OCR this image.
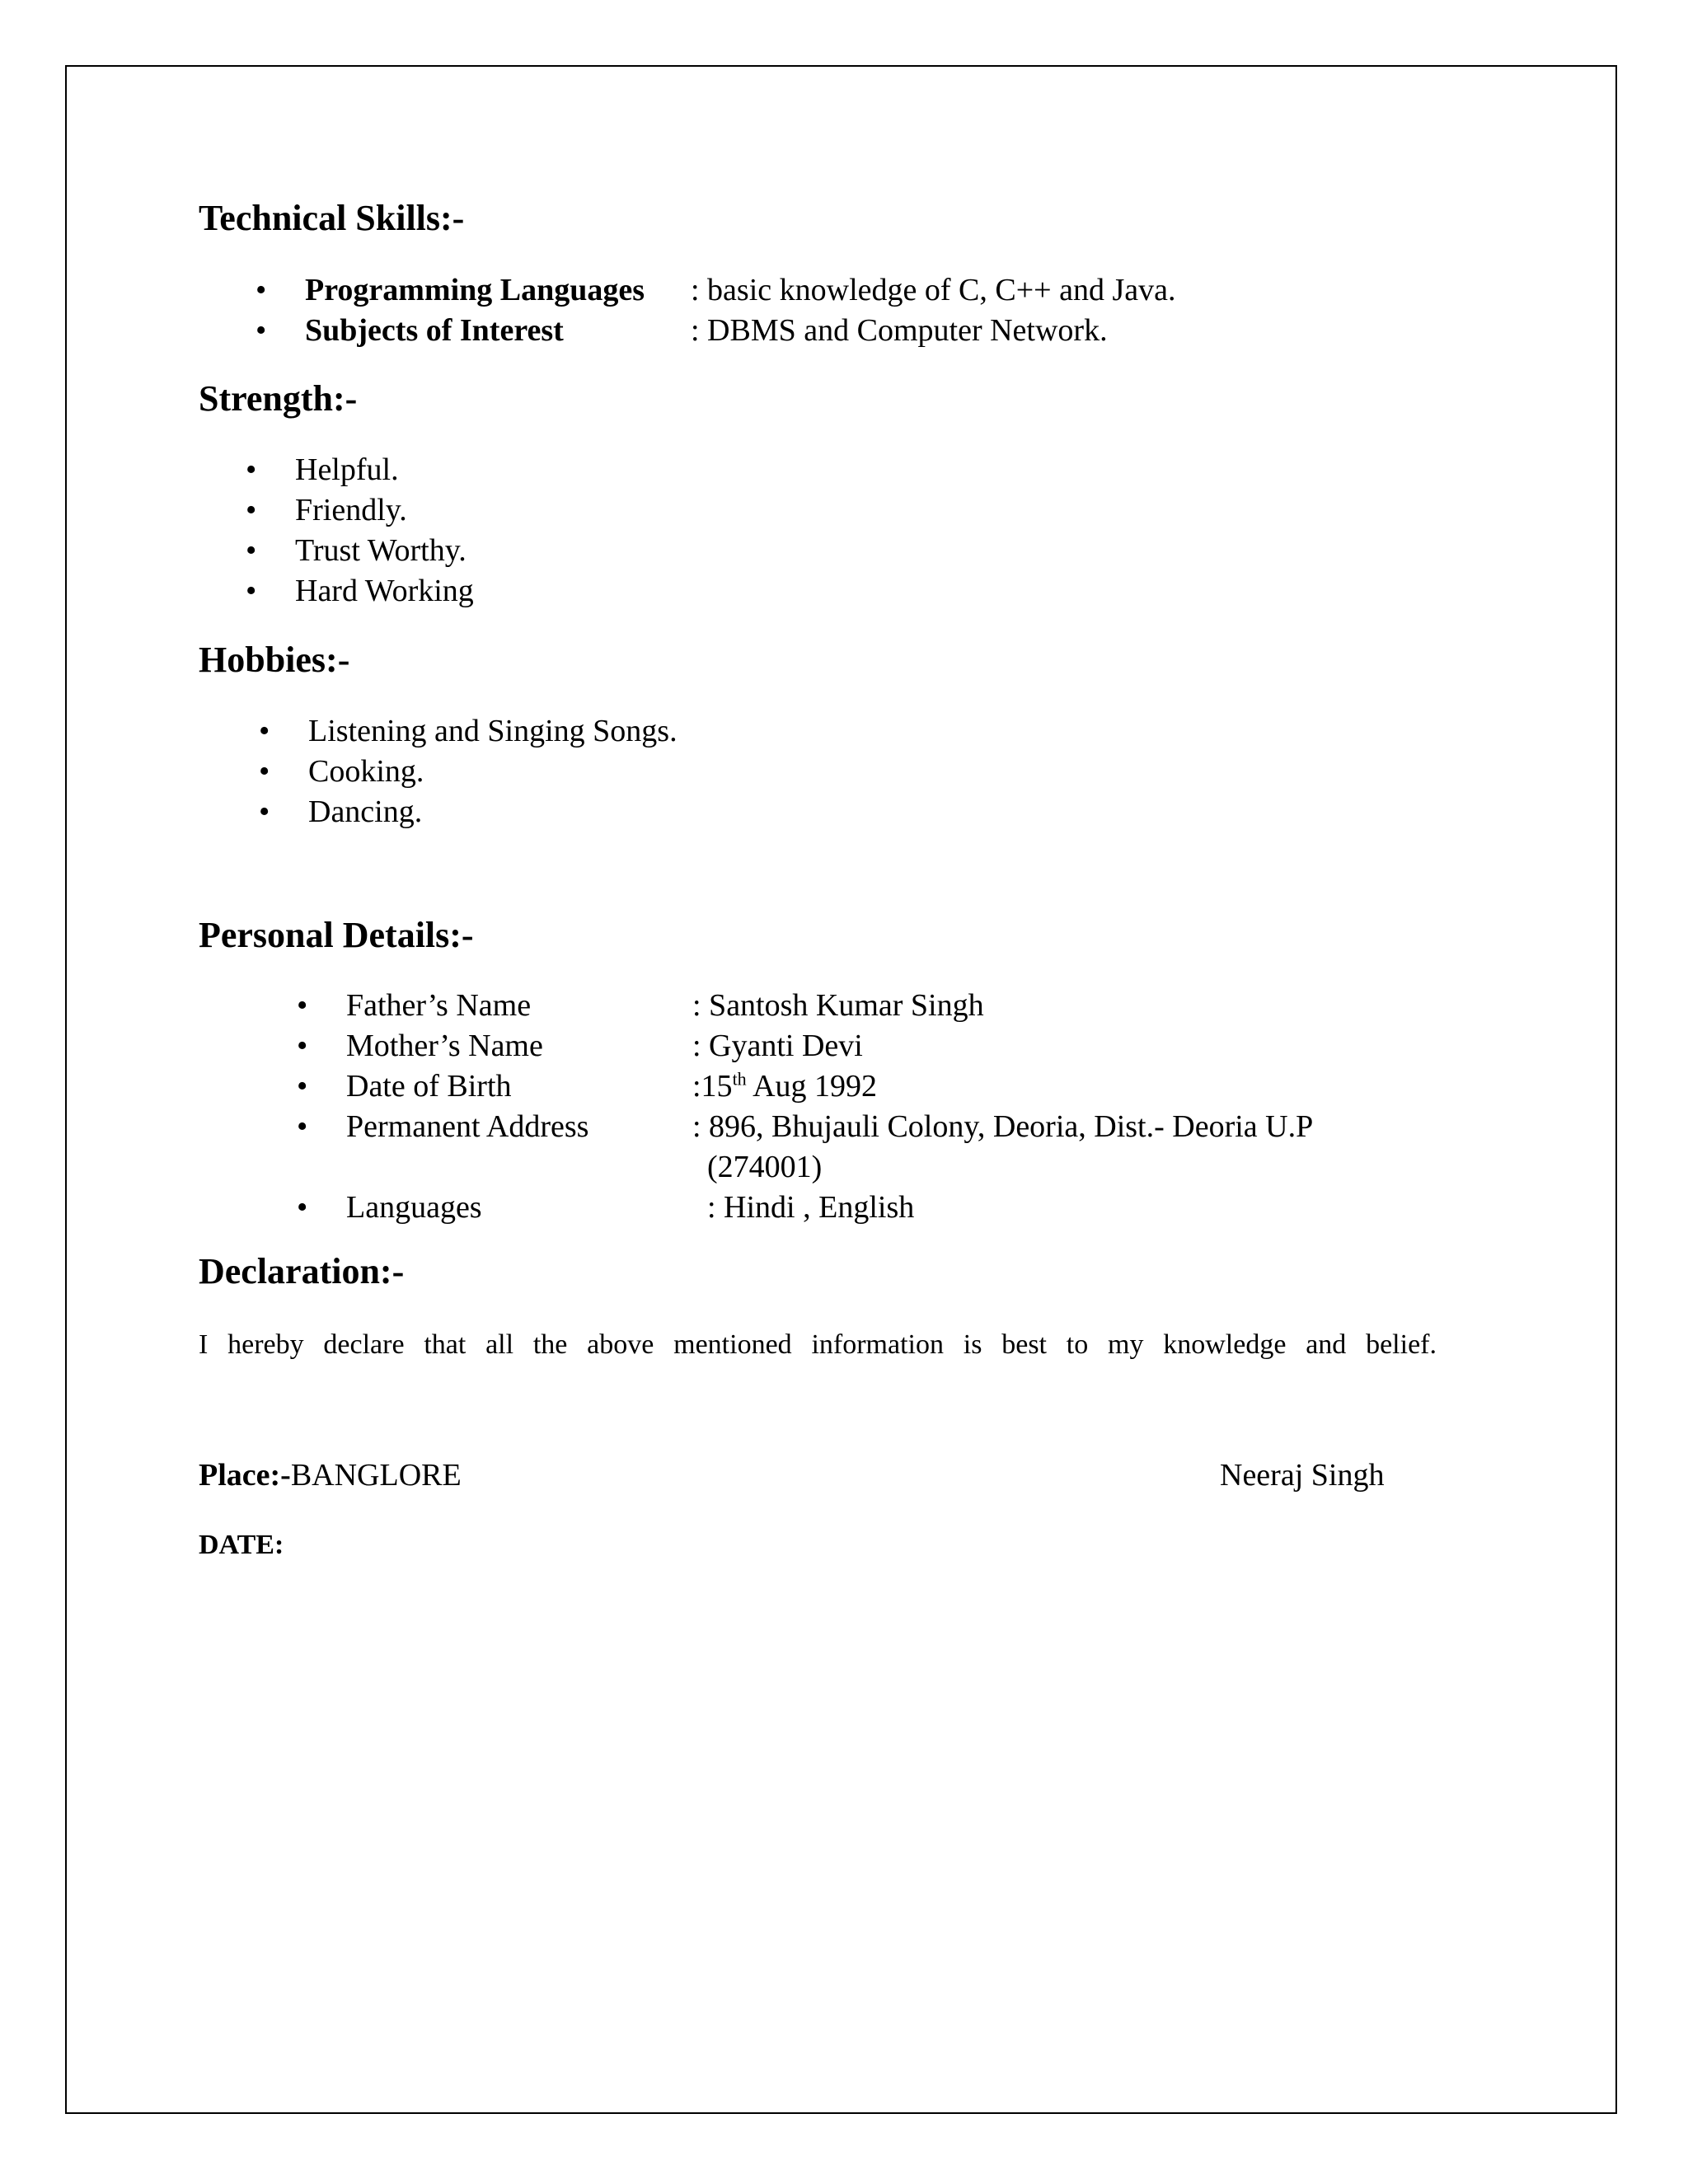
Technical Skills:-
• Programming Languages : basic knowledge of C, C++ and Java.
• Subjects of Interest	: DBMS and Computer Network.
Strength:-
• Helpful.
• Friendly.
• Trust Worthy.
• Hard Working
Hobbies:-
• Listening and Singing Songs.
• Cooking.
• Dancing.
Personal Details:-
• Father’s Name	: Santosh Kumar Singh
• Mother’s Name	: Gyanti Devi
• Date of Birth	:15th Aug 1992
• Permanent Address	: 896, Bhujauli Colony, Deoria, Dist.- Deoria U.P
(274001)
• Languages	: Hindi , English
Declaration:-
I hereby declare that all the above mentioned information is best to my knowledge and belief.
Place:-BANGLORE	Neeraj Singh
DATE:
